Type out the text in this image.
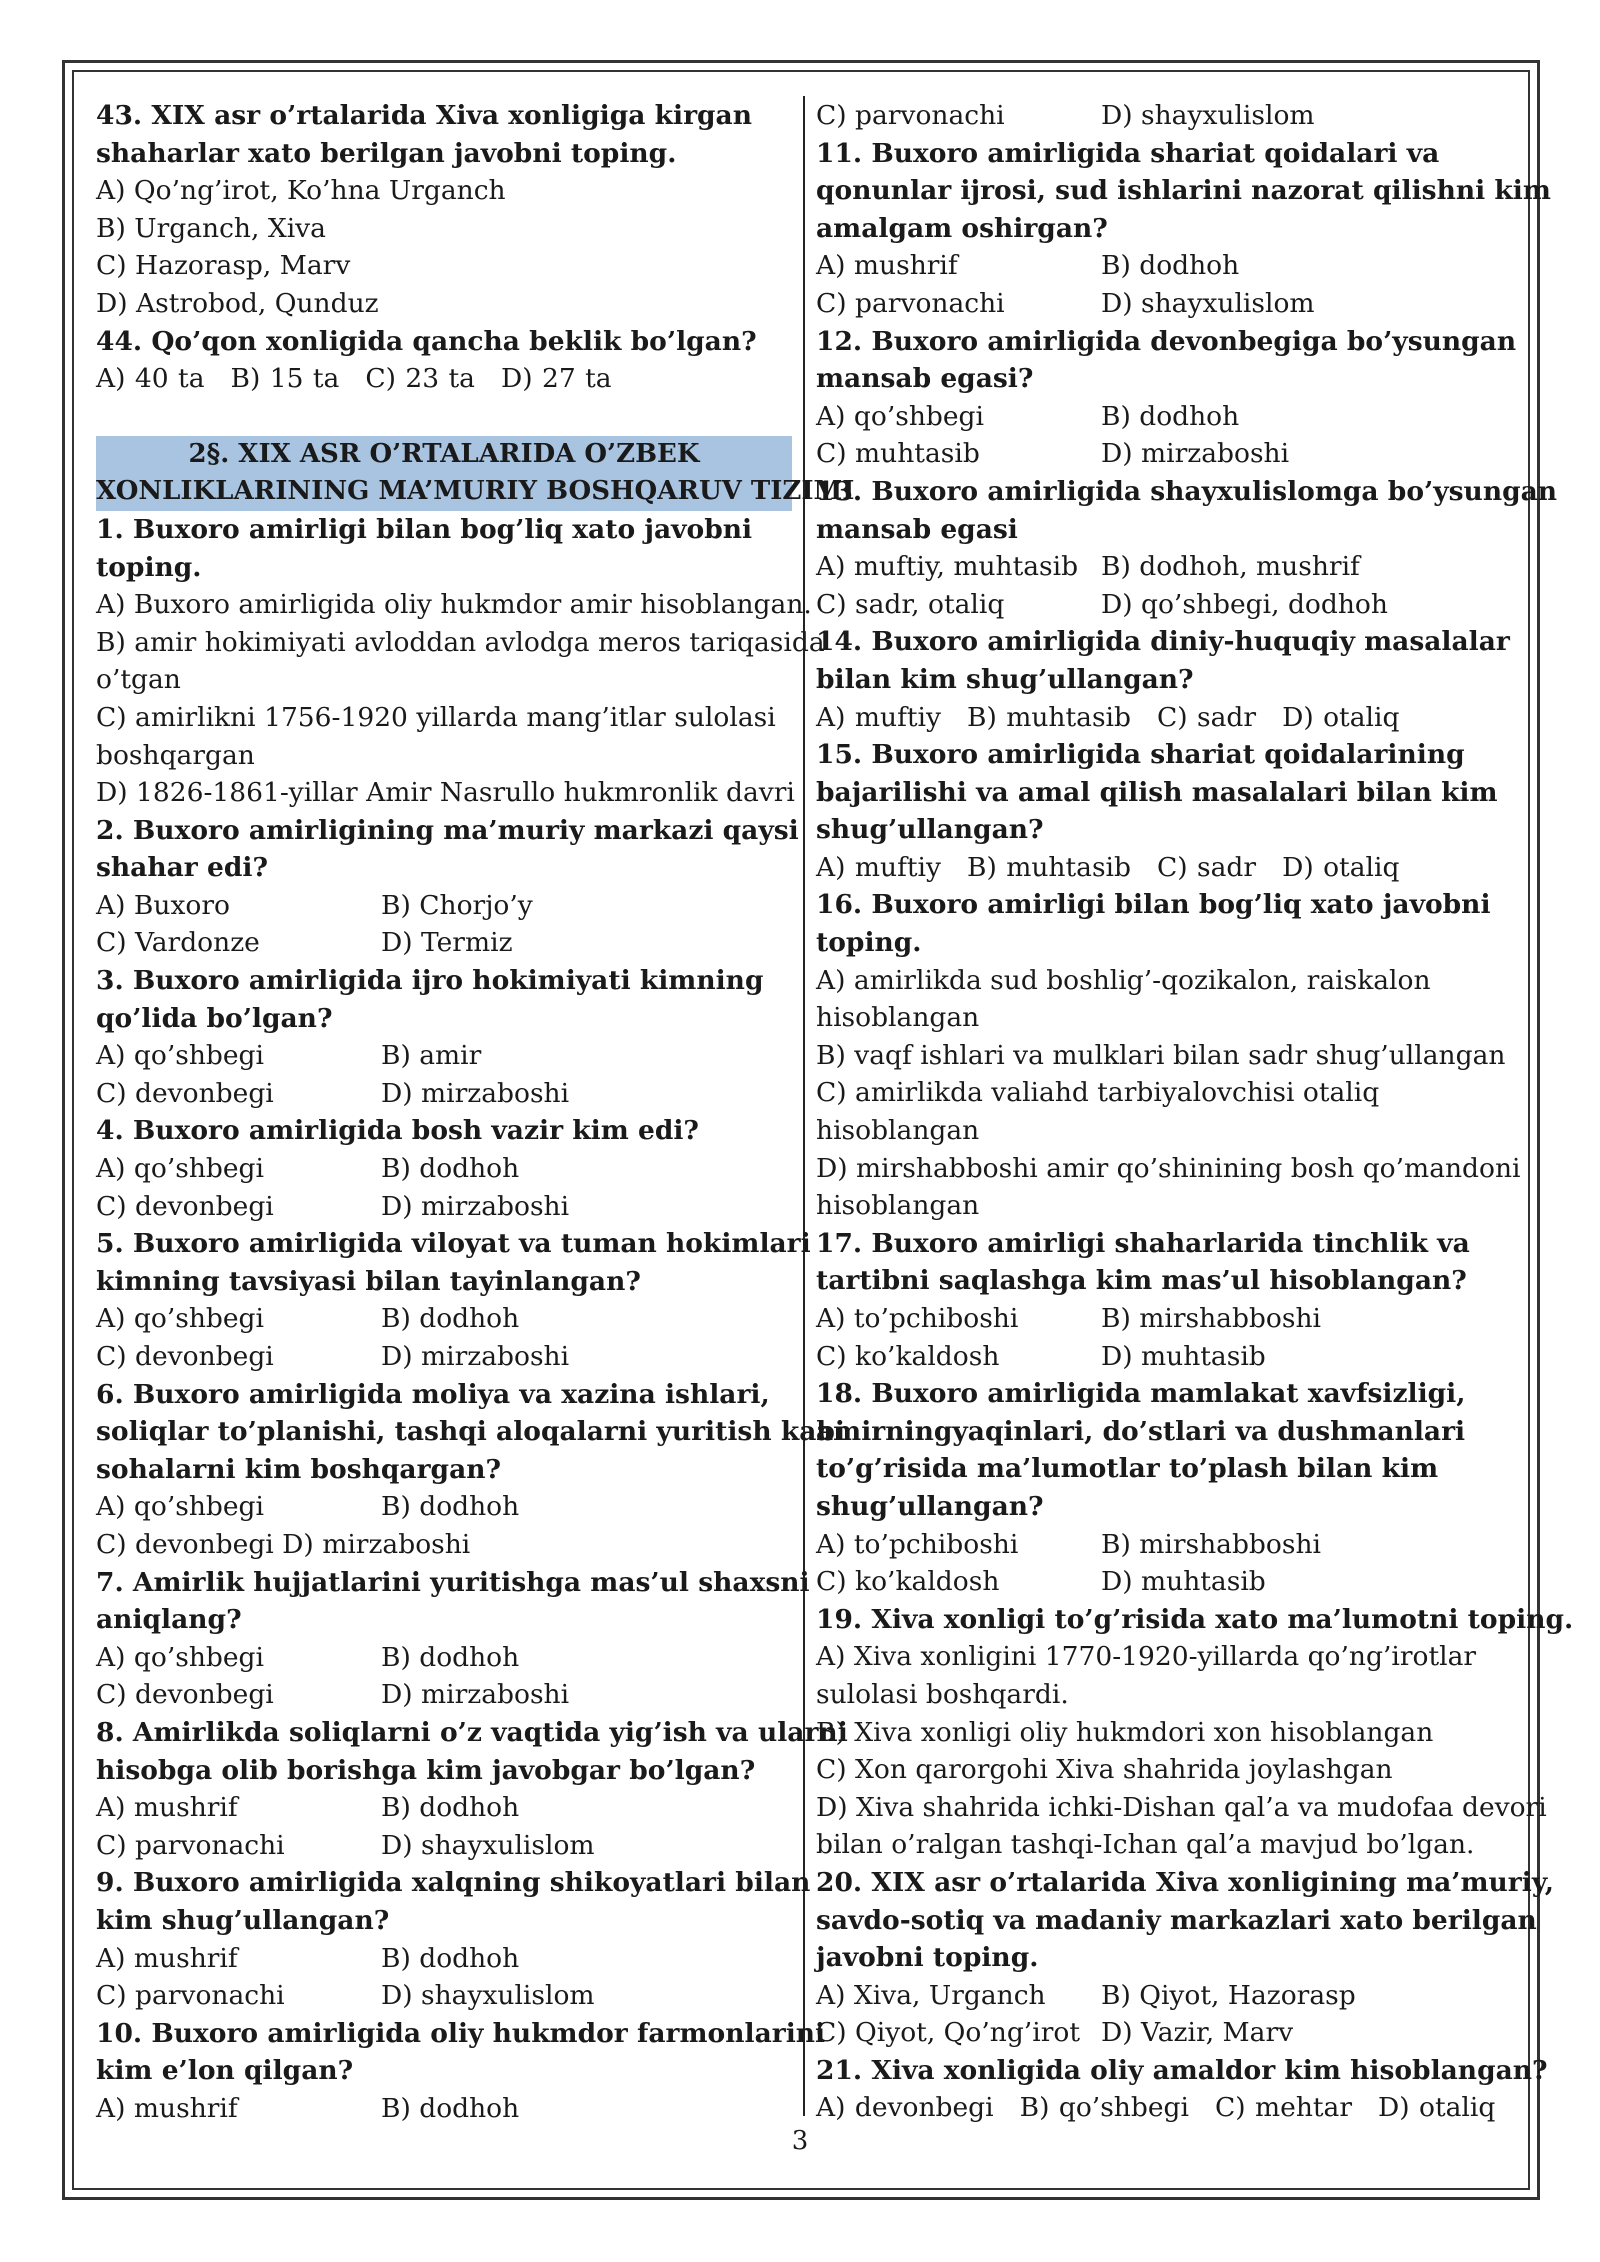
43. XIX asr o’rtalarida Xiva xonligiga kirgan
shaharlar xato berilgan javobni toping.
A) Qo’ng’irot, Ko’hna Urganch
B) Urganch, Xiva
C) Hazorasp, Marv
D) Astrobod, Qunduz
44. Qo’qon xonligida qancha beklik bo’lgan?
A) 40 ta B) 15 ta C) 23 ta D) 27 ta
2§. XIX ASR O’RTALARIDA O’ZBEK
XONLIKLARINING MA’MURIY BOSHQARUV TIZIMI
1. Buxoro amirligi bilan bog’liq xato javobni
toping.
A) Buxoro amirligida oliy hukmdor amir hisoblangan.
B) amir hokimiyati avloddan avlodga meros tariqasida
o’tgan
C) amirlikni 1756-1920 yillarda mang’itlar sulolasi
boshqargan
D) 1826-1861-yillar Amir Nasrullo hukmronlik davri
2. Buxoro amirligining ma’muriy markazi qaysi
shahar edi?
A) Buxoro	B) Chorjo’y
C) Vardonze	D) Termiz
3. Buxoro amirligida ijro hokimiyati kimning
qo’lida bo’lgan?
A) qo’shbegi	B) amir
C) devonbegi	D) mirzaboshi
4. Buxoro amirligida bosh vazir kim edi?
A) qo’shbegi	B) dodhoh
C) devonbegi	D) mirzaboshi
5. Buxoro amirligida viloyat va tuman hokimlari
kimning tavsiyasi bilan tayinlangan?
A) qo’shbegi	B) dodhoh
C) devonbegi	D) mirzaboshi
6. Buxoro amirligida moliya va xazina ishlari,
soliqlar to’planishi, tashqi aloqalarni yuritish kabi
sohalarni kim boshqargan?
A) qo’shbegi	B) dodhoh
C) devonbegi D) mirzaboshi
7. Amirlik hujjatlarini yuritishga mas’ul shaxsni
aniqlang?
A) qo’shbegi	B) dodhoh
C) devonbegi	D) mirzaboshi
8. Amirlikda soliqlarni o’z vaqtida yig’ish va ularni
hisobga olib borishga kim javobgar bo’lgan?
A) mushrif	B) dodhoh
C) parvonachi	D) shayxulislom
9. Buxoro amirligida xalqning shikoyatlari bilan
kim shug’ullangan?
A) mushrif	B) dodhoh
C) parvonachi	D) shayxulislom
10. Buxoro amirligida oliy hukmdor farmonlarini
kim e’lon qilgan?
A) mushrif	B) dodhoh
C) parvonachi	D) shayxulislom
11. Buxoro amirligida shariat qoidalari va
qonunlar ijrosi, sud ishlarini nazorat qilishni kim
amalgam oshirgan?
A) mushrif	B) dodhoh
C) parvonachi	D) shayxulislom
12. Buxoro amirligida devonbegiga bo’ysungan
mansab egasi?
A) qo’shbegi	B) dodhoh
C) muhtasib	D) mirzaboshi
13. Buxoro amirligida shayxulislomga bo’ysungan
mansab egasi
A) muftiy, muhtasib B) dodhoh, mushrif
C) sadr, otaliq	D) qo’shbegi, dodhoh
14. Buxoro amirligida diniy-huquqiy masalalar
bilan kim shug’ullangan?
A) muftiy B) muhtasib C) sadr D) otaliq
15. Buxoro amirligida shariat qoidalarining
bajarilishi va amal qilish masalalari bilan kim
shug’ullangan?
A) muftiy B) muhtasib C) sadr D) otaliq
16. Buxoro amirligi bilan bog’liq xato javobni
toping.
A) amirlikda sud boshlig’-qozikalon, raiskalon
hisoblangan
B) vaqf ishlari va mulklari bilan sadr shug’ullangan
C) amirlikda valiahd tarbiyalovchisi otaliq
hisoblangan
D) mirshabboshi amir qo’shinining bosh qo’mandoni
hisoblangan
17. Buxoro amirligi shaharlarida tinchlik va
tartibni saqlashga kim mas’ul hisoblangan?
A) to’pchiboshi	B) mirshabboshi
C) ko’kaldosh	D) muhtasib
18. Buxoro amirligida mamlakat xavfsizligi,
amirningyaqinlari, do’stlari va dushmanlari
to’g’risida ma’lumotlar to’plash bilan kim
shug’ullangan?
A) to’pchiboshi	B) mirshabboshi
C) ko’kaldosh	D) muhtasib
19. Xiva xonligi to’g’risida xato ma’lumotni toping.
A) Xiva xonligini 1770-1920-yillarda qo’ng’irotlar
sulolasi boshqardi.
B) Xiva xonligi oliy hukmdori xon hisoblangan
C) Xon qarorgohi Xiva shahrida joylashgan
D) Xiva shahrida ichki-Dishan qal’a va mudofaa devori
bilan o’ralgan tashqi-Ichan qal’a mavjud bo’lgan.
20. XIX asr o’rtalarida Xiva xonligining ma’muriy,
savdo-sotiq va madaniy markazlari xato berilgan
javobni toping.
A) Xiva, Urganch	B) Qiyot, Hazorasp
C) Qiyot, Qo’ng’irot D) Vazir, Marv
21. Xiva xonligida oliy amaldor kim hisoblangan?
A) devonbegi B) qo’shbegi C) mehtar D) otaliq
3
